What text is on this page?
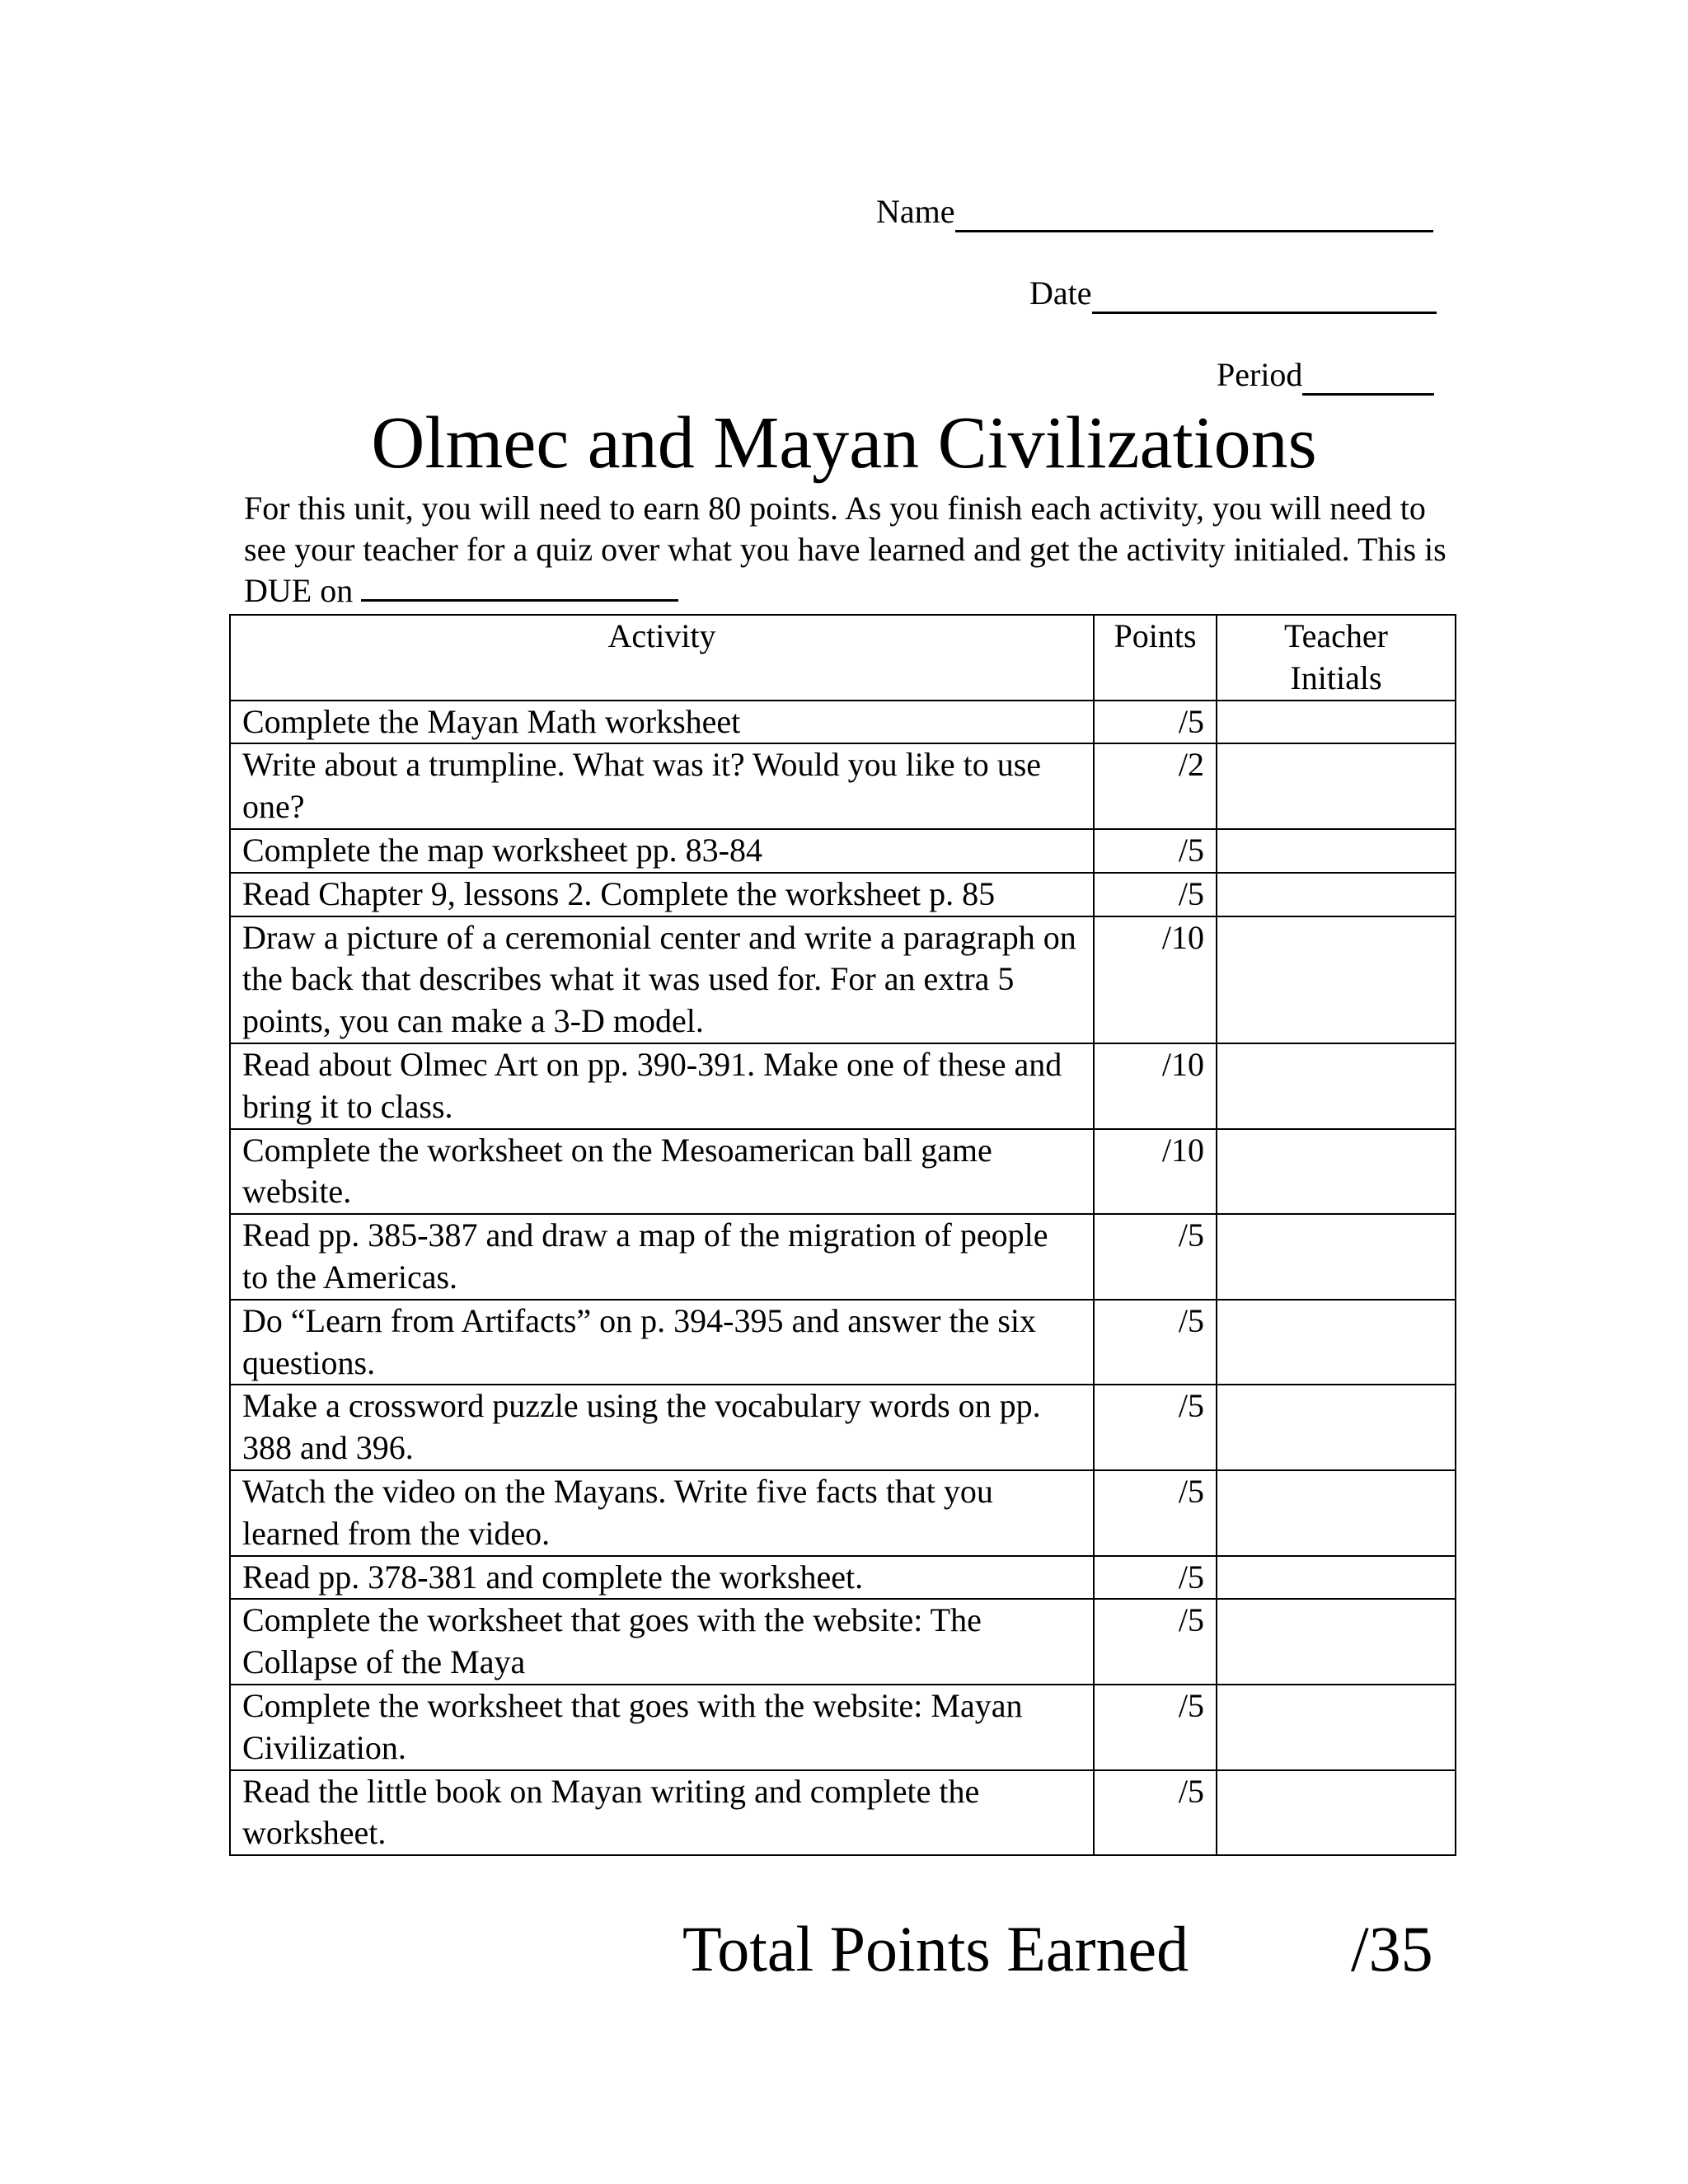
Name
Date
Period
Olmec and Mayan Civilizations
For this unit, you will need to earn 80 points. As you finish each activity, you will need to see your teacher for a quiz over what you have learned and get the activity initialed. This is DUE on
Activity	Points	Teacher Initials
Complete the Mayan Math worksheet	/5	
Write about a trumpline. What was it? Would you like to use one?	/2	
Complete the map worksheet pp. 83-84	/5	
Read Chapter 9, lessons 2. Complete the worksheet p. 85	/5	
Draw a picture of a ceremonial center and write a paragraph on the back that describes what it was used for. For an extra 5 points, you can make a 3-D model.	/10	
Read about Olmec Art on pp. 390-391. Make one of these and bring it to class.	/10	
Complete the worksheet on the Mesoamerican ball game website.	/10	
Read pp. 385-387 and draw a map of the migration of people to the Americas.	/5	
Do “Learn from Artifacts” on p. 394-395 and answer the six questions.	/5	
Make a crossword puzzle using the vocabulary words on pp. 388 and 396.	/5	
Watch the video on the Mayans. Write five facts that you learned from the video.	/5	
Read pp. 378-381 and complete the worksheet.	/5	
Complete the worksheet that goes with the website: The Collapse of the Maya	/5	
Complete the worksheet that goes with the website: Mayan Civilization.	/5	
Read the little book on Mayan writing and complete the worksheet.	/5	
Total Points Earned	/35
